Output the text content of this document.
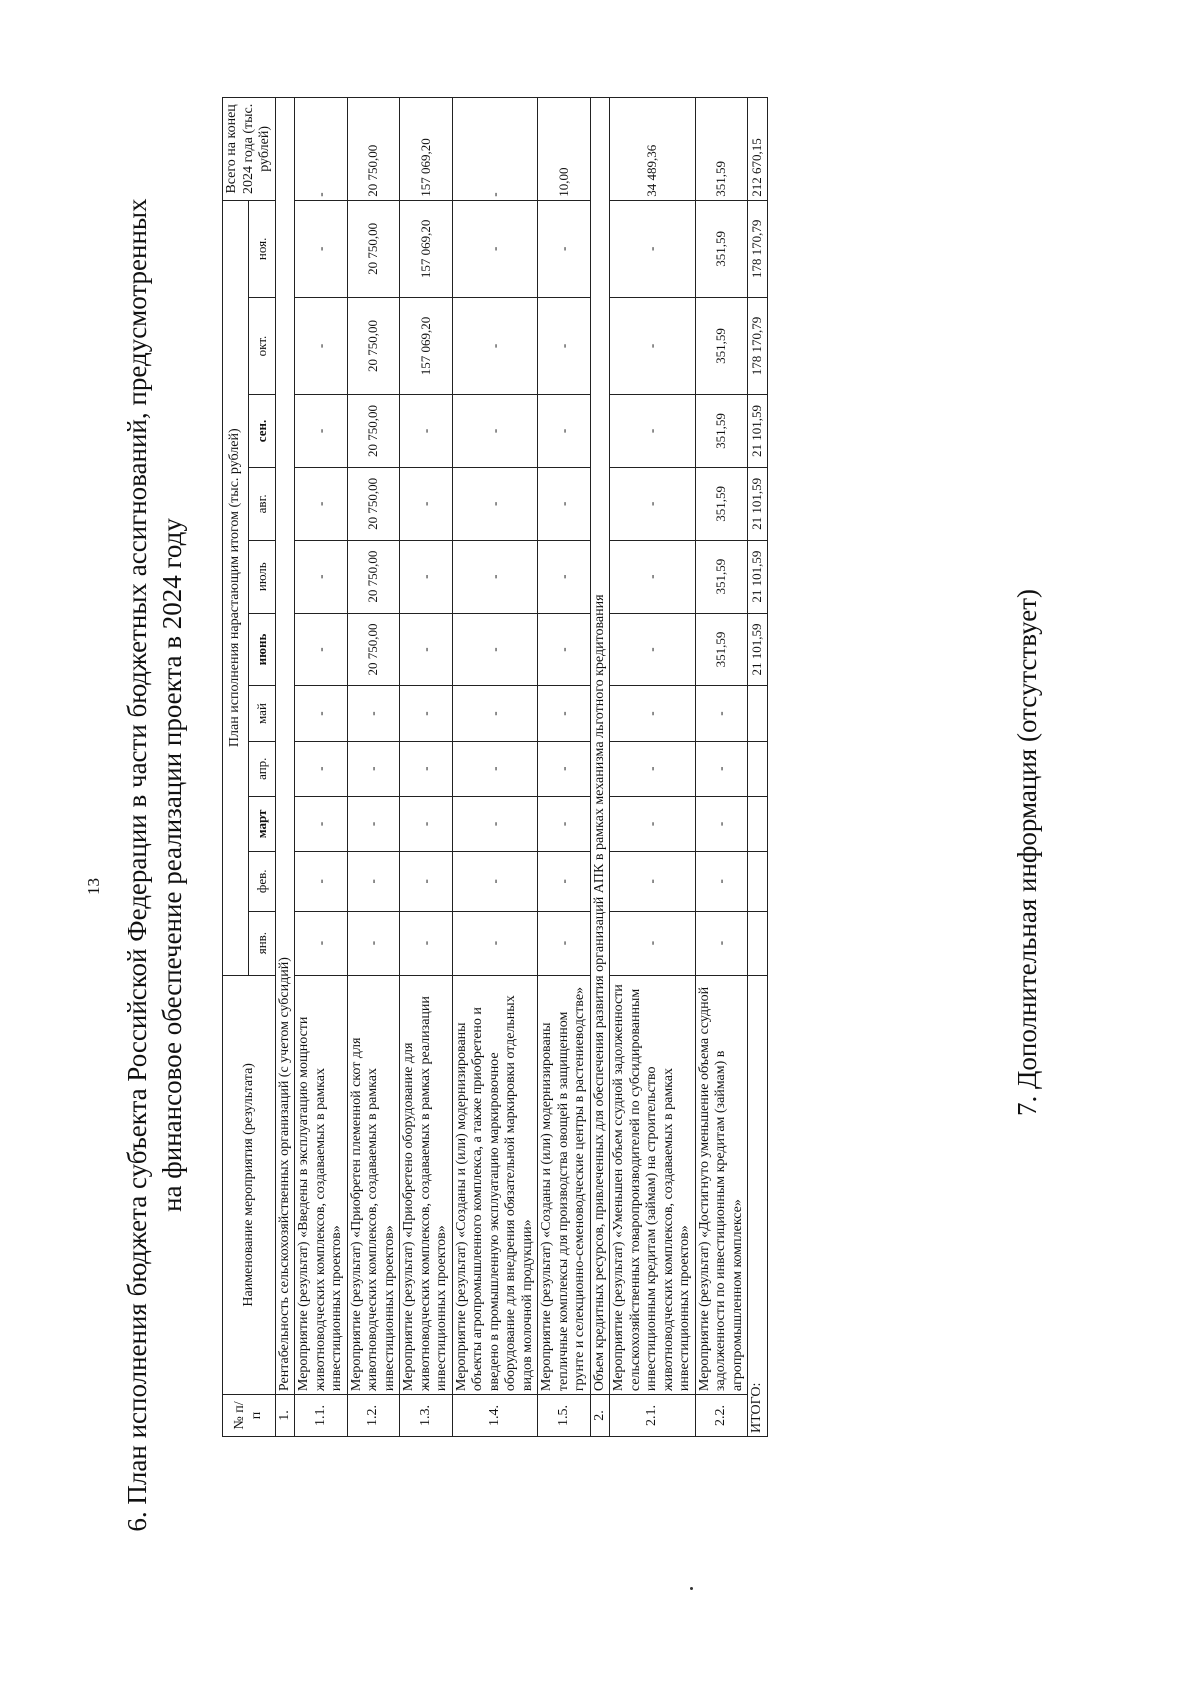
13 6. План исполнения бюджета субъекта Российской Федерации в части бюджетных ассигнований, предусмотренных на финансовое обеспечение реализации проекта в 2024 году
№ п/п	Наименование мероприятия (результата)	План исполнения нарастающим итогом (тыс. рублей)											Всего на конец 2024 года (тыс. рублей)
		янв.	фев.	март	апр.	май	июнь	июль	авг.	сен.	окт.	ноя.	
1.	Рентабельность сельскохозяйственных организаций (с учетом субсидий)												
1.1.	Мероприятие (результат) «Введены в эксплуатацию мощности животноводческих комплексов, создаваемых в рамках инвестиционных проектов»	-	-	-	-	-	-	-	-	-	-	-	-
1.2.	Мероприятие (результат) «Приобретен племенной скот для животноводческих комплексов, создаваемых в рамках инвестиционных проектов»	-	-	-	-	-	20 750,00	20 750,00	20 750,00	20 750,00	20 750,00	20 750,00	20 750,00
1.3.	Мероприятие (результат) «Приобретено оборудование для животноводческих комплексов, создаваемых в рамках реализации инвестиционных проектов»	-	-	-	-	-	-	-	-	-	157 069,20	157 069,20	157 069,20
1.4.	Мероприятие (результат) «Созданы и (или) модернизированы объекты агропромышленного комплекса, а также приобретено и введено в промышленную эксплуатацию маркировочное оборудование для внедрения обязательной маркировки отдельных видов молочной продукции»	-	-	-	-	-	-	-	-	-	-	-	-
1.5.	Мероприятие (результат) «Созданы и (или) модернизированы тепличные комплексы для производства овощей в защищенном грунте и селекционно-семеноводческие центры в растениеводстве»	-	-	-	-	-	-	-	-	-	-	-	10,00
2.	Объем кредитных ресурсов, привлеченных для обеспечения развития организаций АПК в рамках механизма льготного кредитования												
2.1.	Мероприятие (результат) «Уменьшен объем ссудной задолженности сельскохозяйственных товаропроизводителей по субсидированным инвестиционным кредитам (займам) на строительство животноводческих комплексов, создаваемых в рамках инвестиционных проектов»	-	-	-	-	-	-	-	-	-	-	-	34 489,36
2.2.	Мероприятие (результат) «Достигнуто уменьшение объема ссудной задолженности по инвестиционным кредитам (займам) в агропромышленном комплексе»	-	-	-	-	-	351,59	351,59	351,59	351,59	351,59	351,59	351,59
ИТОГО:							21 101,59	21 101,59	21 101,59	21 101,59	178 170,79	178 170,79	212 670,15
7. Дополнительная информация (отсутствует)
